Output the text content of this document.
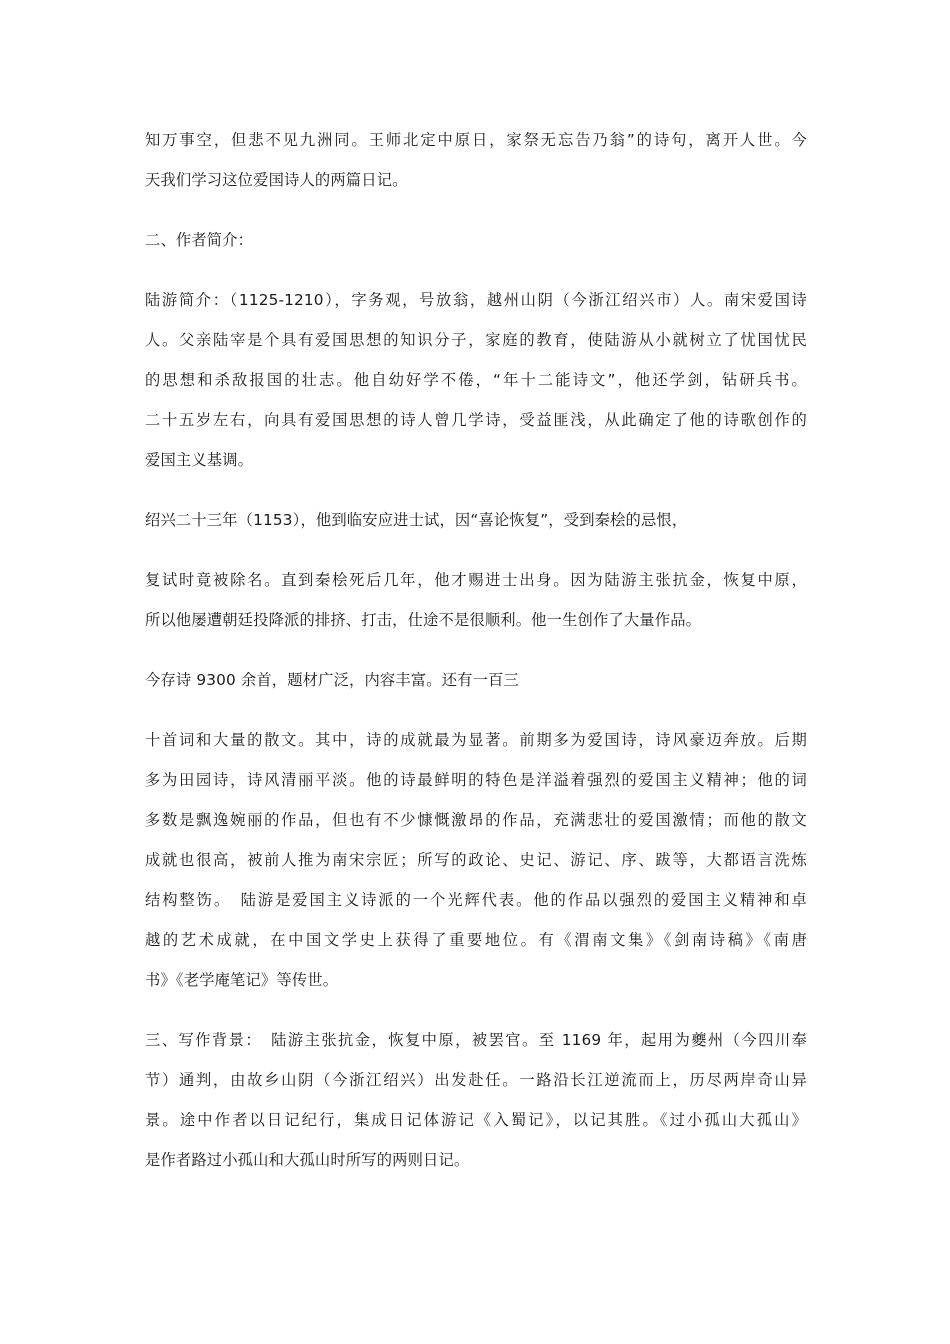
知万事空，但悲不见九洲同。王师北定中原日，家祭无忘告乃翁”的诗句，离开人世。今
天我们学习这位爱国诗人的两篇日记。
二、作者简介：
陆游简介：（1125-1210），字务观，号放翁，越州山阴（今浙江绍兴市）人。南宋爱国诗
人。父亲陆宰是个具有爱国思想的知识分子，家庭的教育，使陆游从小就树立了忧国忧民
的思想和杀敌报国的壮志。他自幼好学不倦，“年十二能诗文”，他还学剑，钻研兵书。
二十五岁左右，向具有爱国思想的诗人曾几学诗，受益匪浅，从此确定了他的诗歌创作的
爱国主义基调。
绍兴二十三年（1153），他到临安应进士试，因“喜论恢复”，受到秦桧的忌恨，
复试时竟被除名。直到秦桧死后几年，他才赐进士出身。因为陆游主张抗金，恢复中原，
所以他屡遭朝廷投降派的排挤、打击，仕途不是很顺利。他一生创作了大量作品。
今存诗 9300 余首，题材广泛，内容丰富。还有一百三
十首词和大量的散文。其中，诗的成就最为显著。前期多为爱国诗，诗风豪迈奔放。后期
多为田园诗，诗风清丽平淡。他的诗最鲜明的特色是洋溢着强烈的爱国主义精神；他的词
多数是飘逸婉丽的作品，但也有不少慷慨激昂的作品，充满悲壮的爱国激情；而他的散文
成就也很高，被前人推为南宋宗匠；所写的政论、史记、游记、序、跋等，大都语言洗炼
结构整饬。　陆游是爱国主义诗派的一个光辉代表。他的作品以强烈的爱国主义精神和卓
越的艺术成就，在中国文学史上获得了重要地位。有《渭南文集》《剑南诗稿》《南唐
书》《老学庵笔记》等传世。
三、写作背景：　陆游主张抗金，恢复中原，被罢官。至 1169 年，起用为夔州（今四川奉
节）通判，由故乡山阴（今浙江绍兴）出发赴任。一路沿长江逆流而上，历尽两岸奇山异
景。途中作者以日记纪行，集成日记体游记《入蜀记》，以记其胜。《过小孤山大孤山》
是作者路过小孤山和大孤山时所写的两则日记。
